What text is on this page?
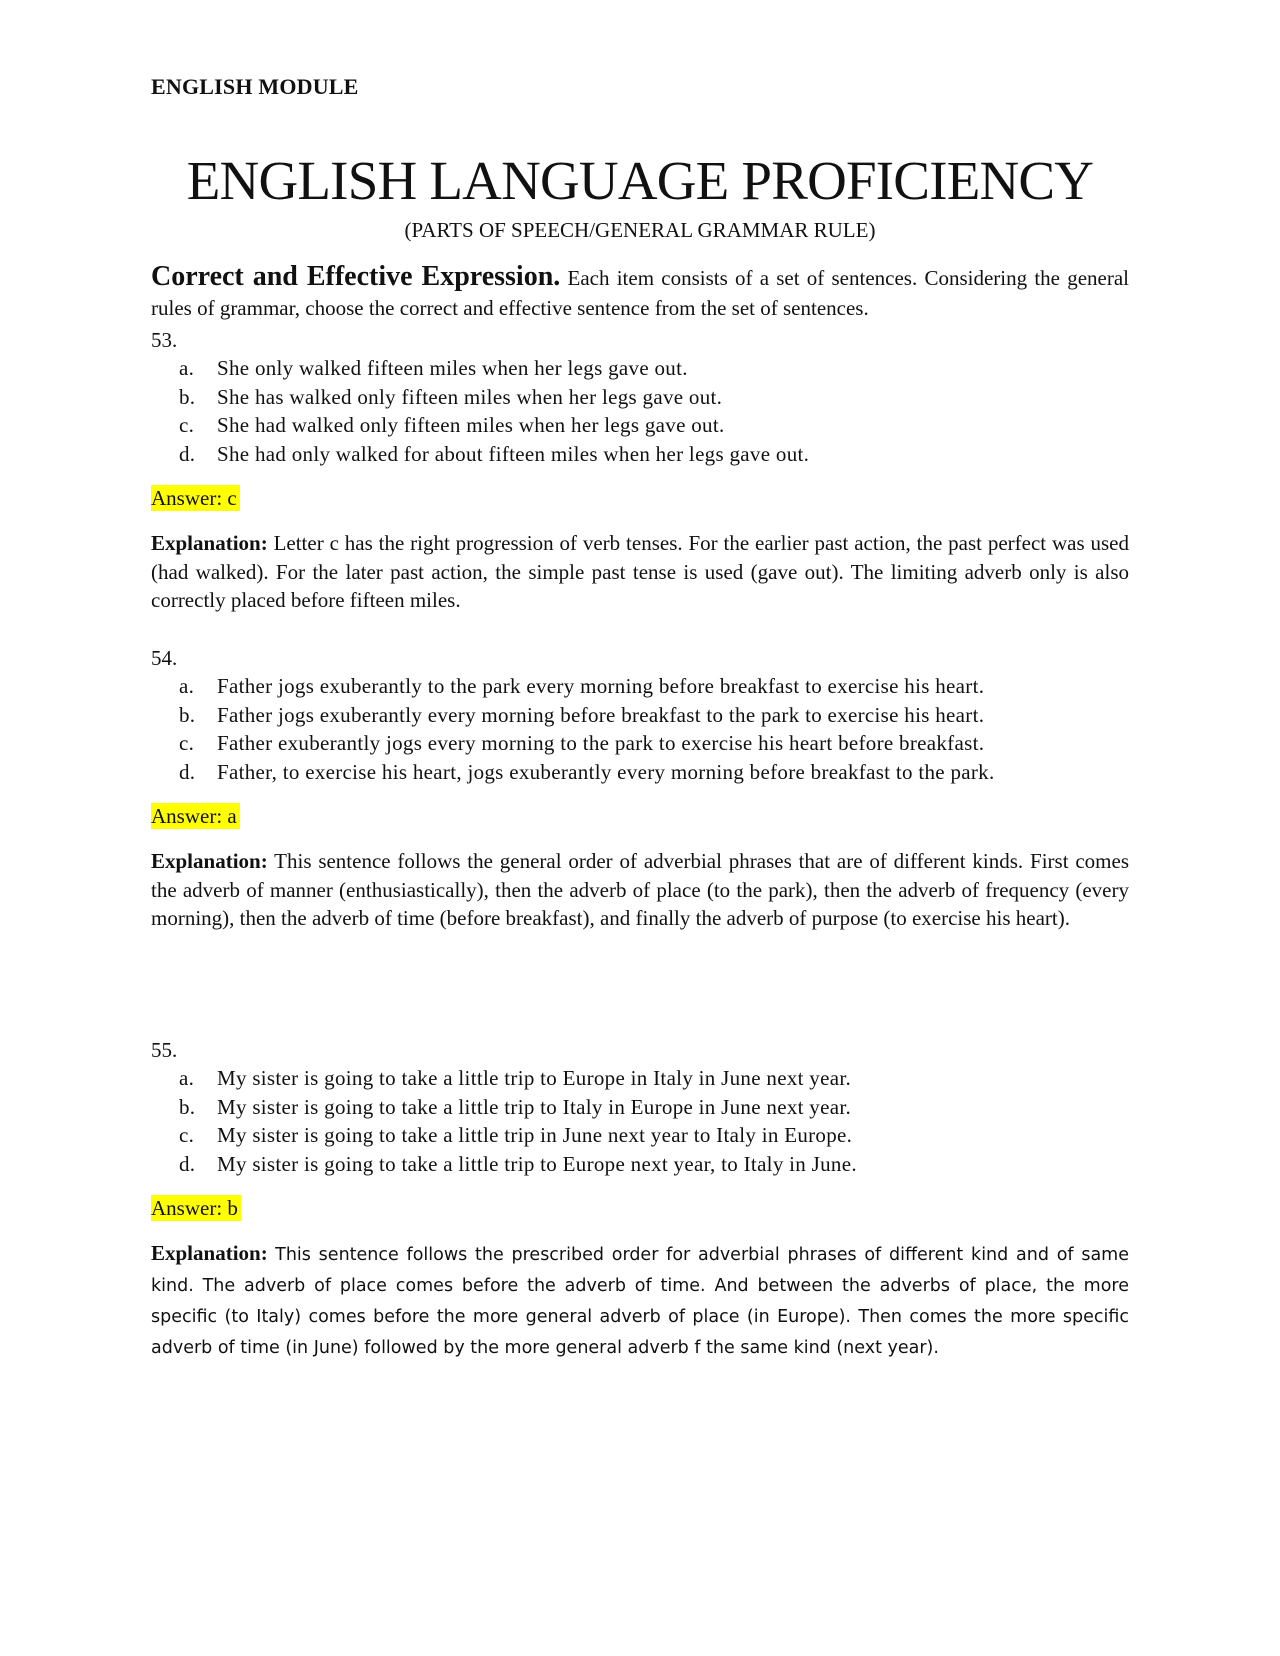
ENGLISH MODULE
ENGLISH LANGUAGE PROFICIENCY
(PARTS OF SPEECH/GENERAL GRAMMAR RULE)
Correct and Effective Expression. Each item consists of a set of sentences. Considering the general rules of grammar, choose the correct and effective sentence from the set of sentences.

53.

a. She only walked fifteen miles when her legs gave out.
b. She has walked only fifteen miles when her legs gave out.
c. She had walked only fifteen miles when her legs gave out.
d. She had only walked for about fifteen miles when her legs gave out.
Answer: c
Explanation: Letter c has the right progression of verb tenses. For the earlier past action, the past perfect was used (had walked). For the later past action, the simple past tense is used (gave out). The limiting adverb only is also correctly placed before fifteen miles.

54.

a. Father jogs exuberantly to the park every morning before breakfast to exercise his heart.
b. Father jogs exuberantly every morning before breakfast to the park to exercise his heart.
c. Father exuberantly jogs every morning to the park to exercise his heart before breakfast.
d. Father, to exercise his heart, jogs exuberantly every morning before breakfast to the park.
Answer: a
Explanation: This sentence follows the general order of adverbial phrases that are of different kinds. First comes the adverb of manner (enthusiastically), then the adverb of place (to the park), then the adverb of frequency (every morning), then the adverb of time (before breakfast), and finally the adverb of purpose (to exercise his heart).

55.

a. My sister is going to take a little trip to Europe in Italy in June next year.
b. My sister is going to take a little trip to Italy in Europe in June next year.
c. My sister is going to take a little trip in June next year to Italy in Europe.
d. My sister is going to take a little trip to Europe next year, to Italy in June.
Answer: b
Explanation: This sentence follows the prescribed order for adverbial phrases of different kind and of same kind. The adverb of place comes before the adverb of time. And between the adverbs of place, the more specific (to Italy) comes before the more general adverb of place (in Europe). Then comes the more specific adverb of time (in June) followed by the more general adverb f the same kind (next year).
